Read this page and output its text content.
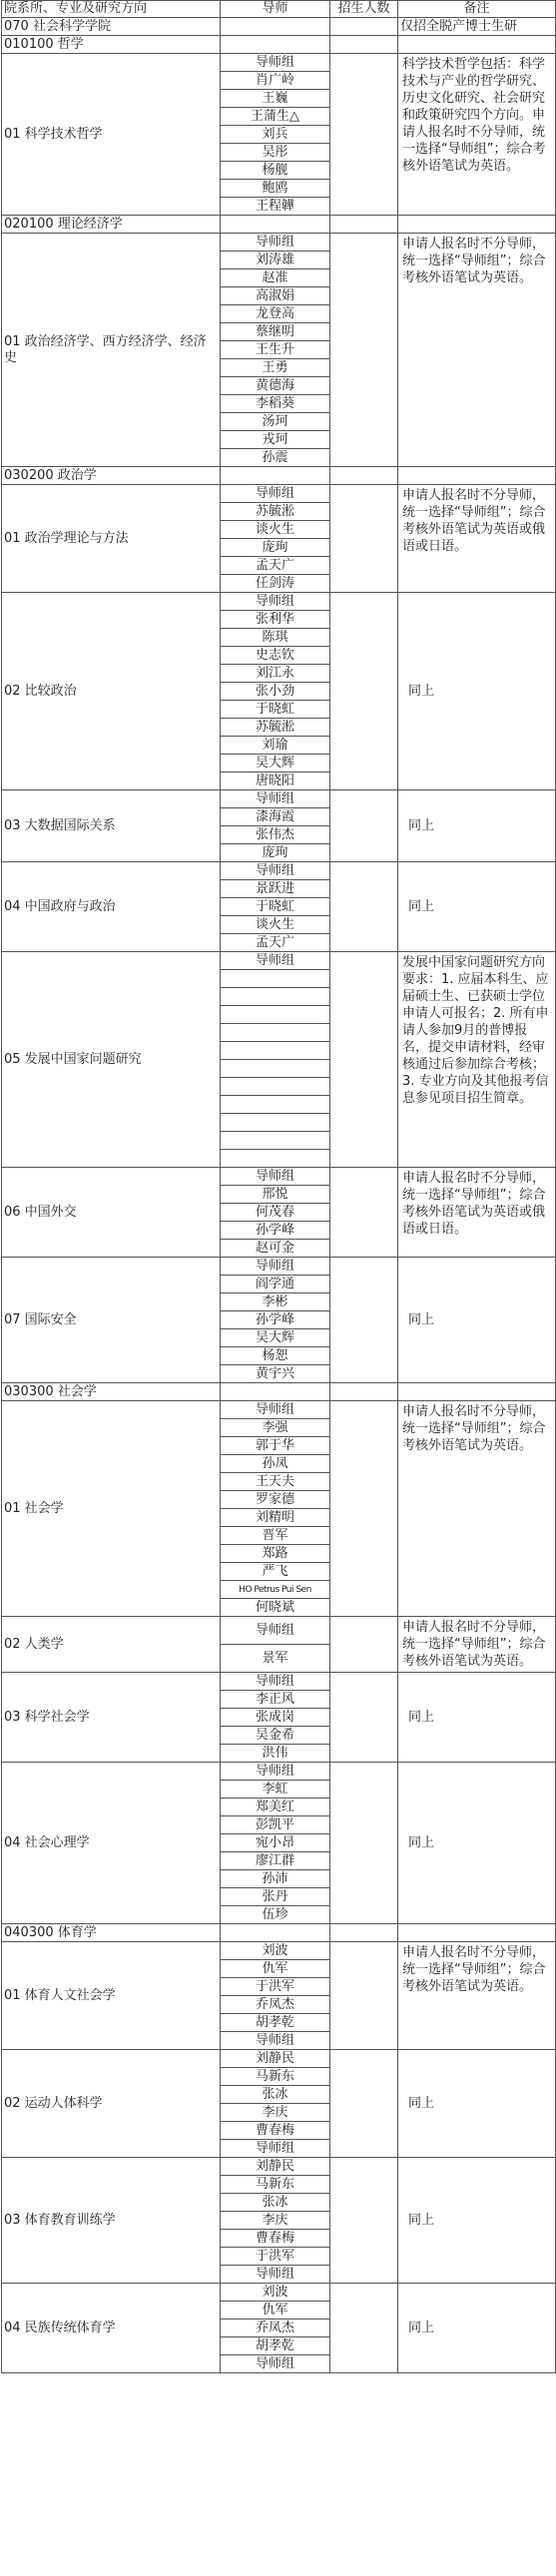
院系所、专业及研究方向	导师	招生人数	备注
070 社会科学学院			仅招全脱产博士生研
010100 哲学			
01 科学技术哲学	导师组		科学技术哲学包括：科学技术与产业的哲学研究、历史文化研究、社会研究和政策研究四个方向。申请人报名时不分导师，统一选择“导师组”；综合考核外语笔试为英语。
	肖广岭		
	王巍		
	王蒲生△		
	刘兵		
	吴彤		
	杨舰		
	鲍鸥		
	王程韡		
020100 理论经济学			
01 政治经济学、西方经济学、经济史	导师组		申请人报名时不分导师，统一选择“导师组”；综合考核外语笔试为英语。
	刘涛雄		
	赵准		
	高淑娟		
	龙登高		
	蔡继明		
	王生升		
	王勇		
	黄德海		
	李稻葵		
	汤珂		
	戎珂		
	孙震		
030200 政治学			
01 政治学理论与方法	导师组		申请人报名时不分导师，统一选择“导师组”；综合考核外语笔试为英语或俄语或日语。
	苏毓淞		
	谈火生		
	庞珣		
	孟天广		
	任剑涛		
02 比较政治	导师组		同上
	张利华		
	陈琪		
	史志钦		
	刘江永		
	张小劲		
	于晓虹		
	苏毓淞		
	刘瑜		
	吴大辉		
	唐晓阳		
03 大数据国际关系	导师组		同上
	漆海霞		
	张伟杰		
	庞珣		
04 中国政府与政治	导师组		同上
	景跃进		
	于晓虹		
	谈火生		
	孟天广		
05 发展中国家问题研究	导师组		发展中国家问题研究方向要求：1. 应届本科生、应届硕士生、已获硕士学位申请人可报名；2. 所有申请人参加9月的普博报名，提交申请材料，经审核通过后参加综合考核；3. 专业方向及其他报考信息参见项目招生简章。

06 中国外交	导师组		申请人报名时不分导师，统一选择“导师组”；综合考核外语笔试为英语或俄语或日语。
	邢悦		
	何茂春		
	孙学峰		
	赵可金		
07 国际安全	导师组		同上
	阎学通		
	李彬		
	孙学峰		
	吴大辉		
	杨恕		
	黄宇兴		
030300 社会学			
01 社会学	导师组		申请人报名时不分导师，统一选择“导师组”；综合考核外语笔试为英语。
	李强		
	郭于华		
	孙凤		
	王天夫		
	罗家德		
	刘精明		
	晋军		
	郑路		
	严飞		
	HO Petrus Pui Sen		
	何晓斌		
02 人类学	导师组		申请人报名时不分导师，统一选择“导师组”；综合考核外语笔试为英语。
	景军		
03 科学社会学	导师组		同上
	李正风		
	张成岗		
	吴金希		
	洪伟		
04 社会心理学	导师组		同上
	李虹		
	郑美红		
	彭凯平		
	宛小昂		
	廖江群		
	孙沛		
	张丹		
	伍珍		
040300 体育学			
01 体育人文社会学	刘波		申请人报名时不分导师，统一选择“导师组”；综合考核外语笔试为英语。
	仇军		
	于洪军		
	乔凤杰		
	胡孝乾		
	导师组		
02 运动人体科学	刘静民		同上
	马新东		
	张冰		
	李庆		
	曹春梅		
	导师组		
03 体育教育训练学	刘静民		同上
	马新东		
	张冰		
	李庆		
	曹春梅		
	于洪军		
	导师组		
04 民族传统体育学	刘波		同上
	仇军		
	乔凤杰		
	胡孝乾		
	导师组		
